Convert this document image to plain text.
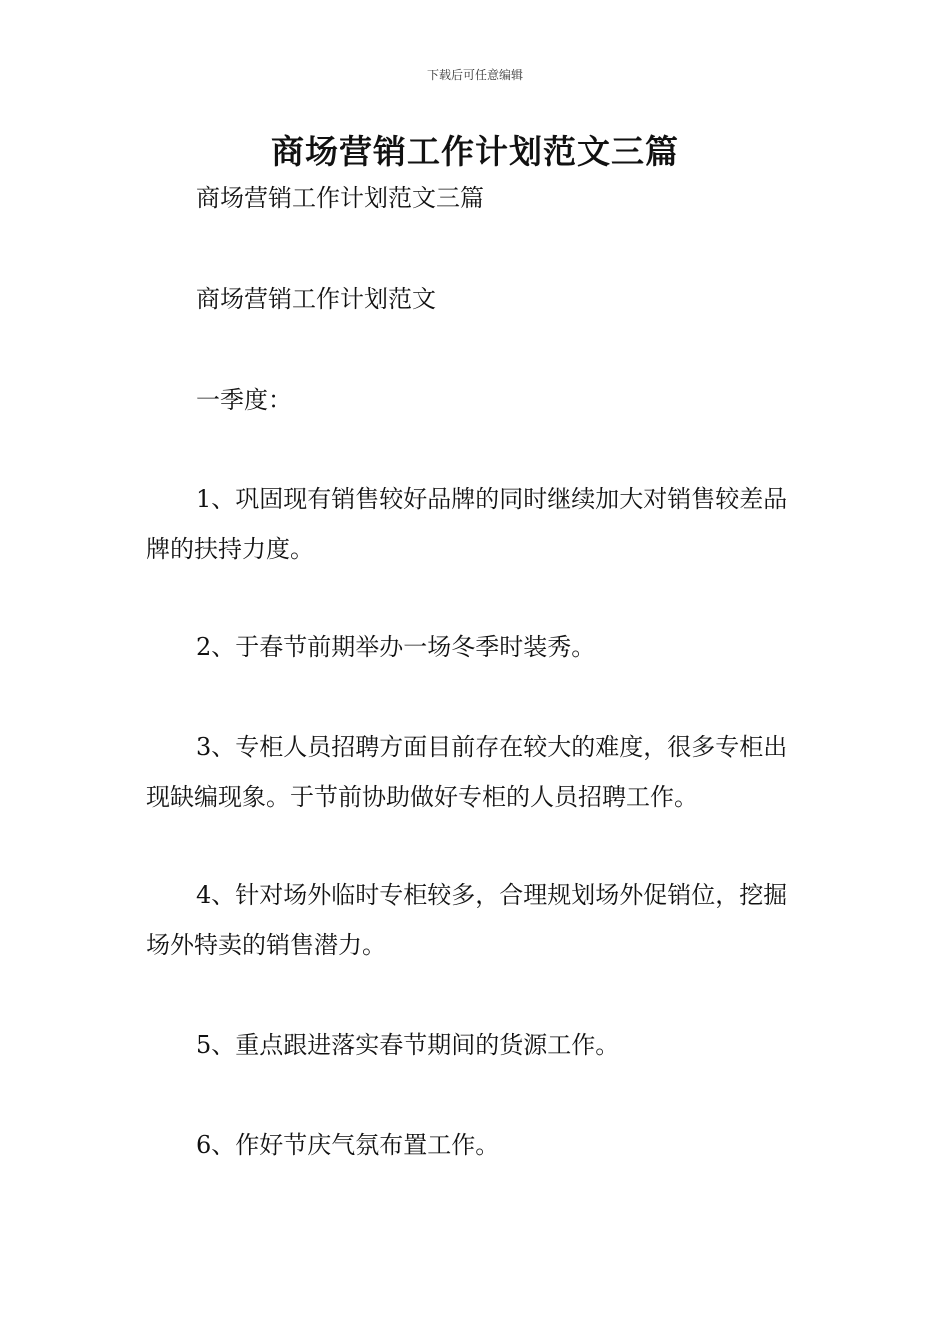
下载后可任意编辑
商场营销工作计划范文三篇

商场营销工作计划范文三篇

商场营销工作计划范文

一季度：

1、巩固现有销售较好品牌的同时继续加大对销售较差品牌的扶持力度。

2、于春节前期举办一场冬季时装秀。

3、专柜人员招聘方面目前存在较大的难度，很多专柜出现缺编现象。于节前协助做好专柜的人员招聘工作。

4、针对场外临时专柜较多，合理规划场外促销位，挖掘场外特卖的销售潜力。

5、重点跟进落实春节期间的货源工作。

6、作好节庆气氛布置工作。
